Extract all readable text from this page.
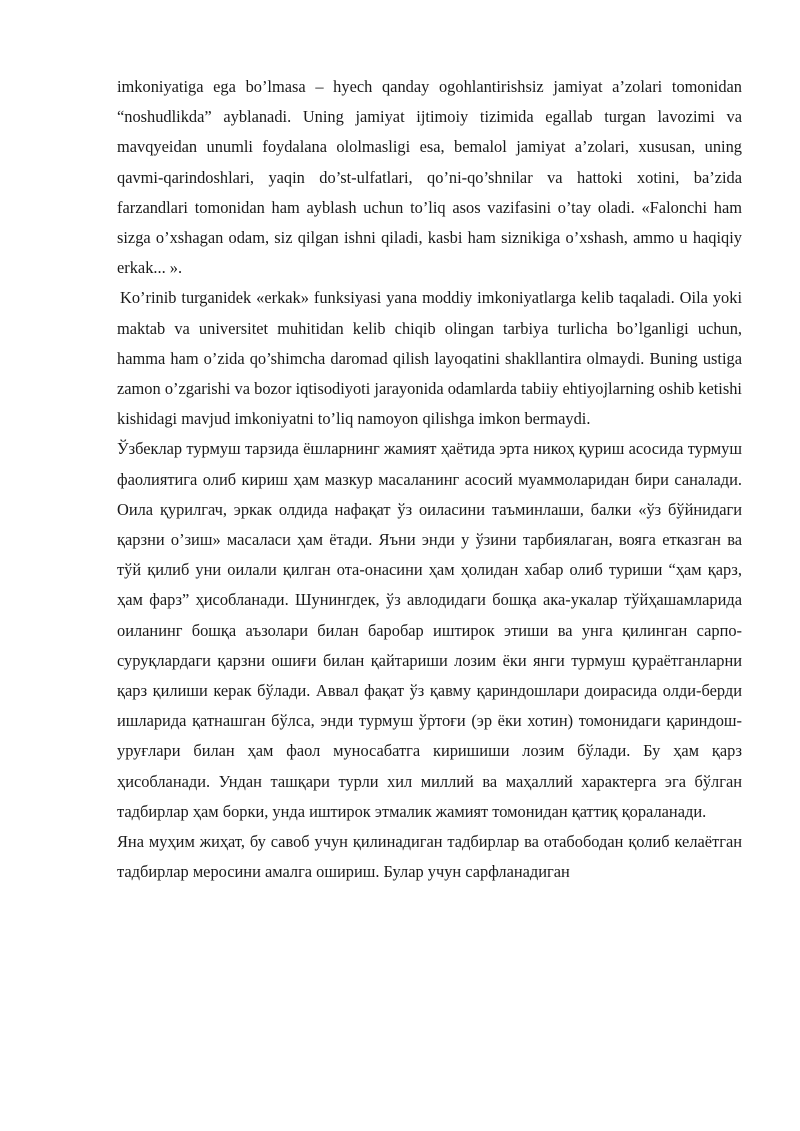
imkoniyatiga ega bo’lmasa – hyech qanday ogohlantirishsiz jamiyat a’zolari tomonidan “noshudlikda” ayblanadi. Uning jamiyat ijtimoiy tizimida egallab turgan lavozimi va mavqyeidan unumli foydalana ololmasligi esa, bemalol jamiyat a’zolari, xususan, uning qavmi-qarindoshlari, yaqin do’st-ulfatlari, qo’ni-qo’shnilar va hattoki xotini, ba’zida farzandlari tomonidan ham ayblash uchun to’liq asos vazifasini o’tay oladi. «Falonchi ham sizga o’xshagan odam, siz qilgan ishni qiladi, kasbi ham siznikiga o’xshash, ammo u haqiqiy erkak... ».

Ko’rinib turganidek «erkak» funksiyasi yana moddiy imkoniyatlarga kelib taqaladi. Oila yoki maktab va universitet muhitidan kelib chiqib olingan tarbiya turlicha bo’lganligi uchun, hamma ham o’zida qo’shimcha daromad qilish layoqatini shakllantira olmaydi. Buning ustiga zamon o’zgarishi va bozor iqtisodiyoti jarayonida odamlarda tabiiy ehtiyojlarning oshib ketishi kishidagi mavjud imkoniyatni to’liq namoyon qilishga imkon bermaydi.

Ўзбеклар турмуш тарзида ёшларнинг жамият ҳаётида эрта никоҳ қуриш асосида турмуш фаолиятига олиб кириш ҳам мазкур масаланинг асосий муаммоларидан бири саналади. Оила қурилгач, эркак олдида нафақат ўз оиласини таъминлаши, балки «ўз бўйнидаги қарзни о’зиш» масаласи ҳам ётади. Яъни энди у ўзини тарбиялаган, вояга етказган ва тўй қилиб уни оилали қилган ота-онасини ҳам ҳолидан хабар олиб туриши “ҳам қарз, ҳам фарз” ҳисобланади. Шунингдек, ўз авлодидаги бошқа ака-укалар тўйҳашамларида оиланинг бошқа аъзолари билан баробар иштирок этиши ва унга қилинган сарпо-суруқлардаги қарзни ошиғи билан қайтариши лозим ёки янги турмуш қураётганларни қарз қилиши керак бўлади. Аввал фақат ўз қавму қариндошлари доирасида олди-берди ишларида қатнашган бўлса, энди турмуш ўртоғи (эр ёки хотин) томонидаги қариндош-уруғлари билан ҳам фаол муносабатга киришиши лозим бўлади. Бу ҳам қарз ҳисобланади. Ундан ташқари турли хил миллий ва маҳаллий характерга эга бўлган тадбирлар ҳам борки, унда иштирок этмалик жамият томонидан қаттиқ қораланади.

Яна муҳим жиҳат, бу савоб учун қилинадиган тадбирлар ва отабободан қолиб келаётган тадбирлар меросини амалга ошириш. Булар учун сарфланадиган
